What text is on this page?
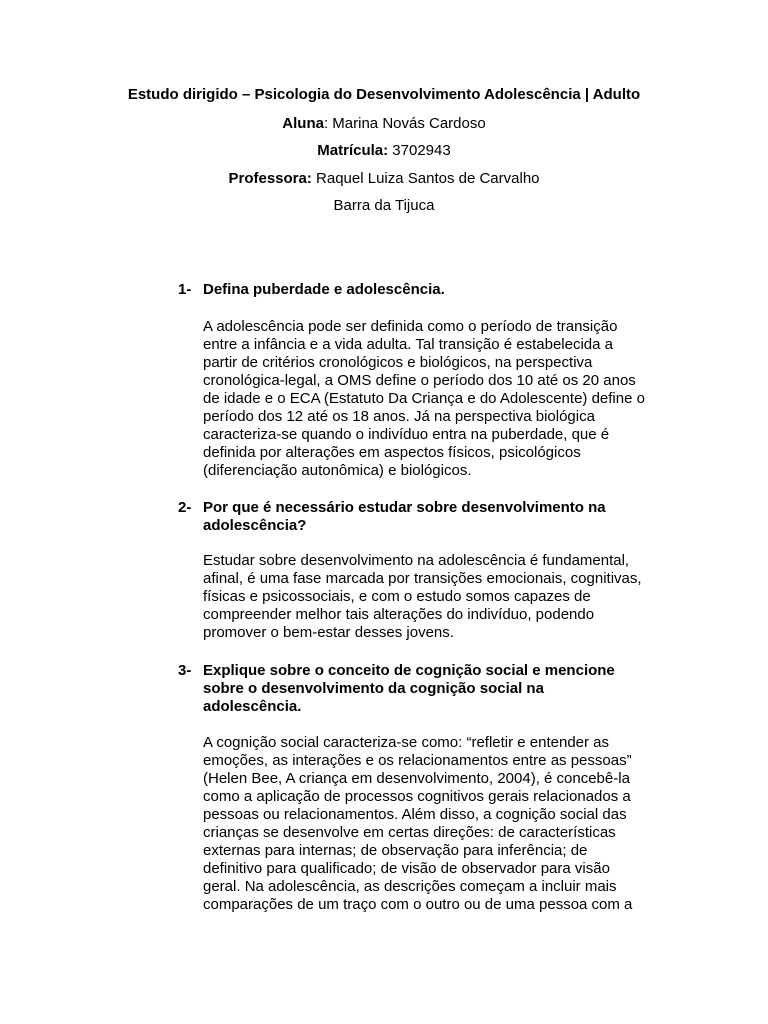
Estudo dirigido – Psicologia do Desenvolvimento Adolescência | Adulto
Aluna: Marina Novás Cardoso
Matrícula: 3702943
Professora: Raquel Luiza Santos de Carvalho
Barra da Tijuca
1- Defina puberdade e adolescência.
A adolescência pode ser definida como o período de transição entre a infância e a vida adulta. Tal transição é estabelecida a partir de critérios cronológicos e biológicos, na perspectiva cronológica-legal, a OMS define o período dos 10 até os 20 anos de idade e o ECA (Estatuto Da Criança e do Adolescente) define o período dos 12 até os 18 anos. Já na perspectiva biológica caracteriza-se quando o indivíduo entra na puberdade, que é definida por alterações em aspectos físicos, psicológicos (diferenciação autonômica) e biológicos.
2- Por que é necessário estudar sobre desenvolvimento na adolescência?
Estudar sobre desenvolvimento na adolescência é fundamental, afinal, é uma fase marcada por transições emocionais, cognitivas, físicas e psicossociais, e com o estudo somos capazes de compreender melhor tais alterações do indivíduo, podendo promover o bem-estar desses jovens.
3- Explique sobre o conceito de cognição social e mencione sobre o desenvolvimento da cognição social na adolescência.
A cognição social caracteriza-se como: “refletir e entender as emoções, as interações e os relacionamentos entre as pessoas” (Helen Bee, A criança em desenvolvimento, 2004), é concebê-la como a aplicação de processos cognitivos gerais relacionados a pessoas ou relacionamentos. Além disso, a cognição social das crianças se desenvolve em certas direções: de características externas para internas; de observação para inferência; de definitivo para qualificado; de visão de observador para visão geral. Na adolescência, as descrições começam a incluir mais comparações de um traço com o outro ou de uma pessoa com a
